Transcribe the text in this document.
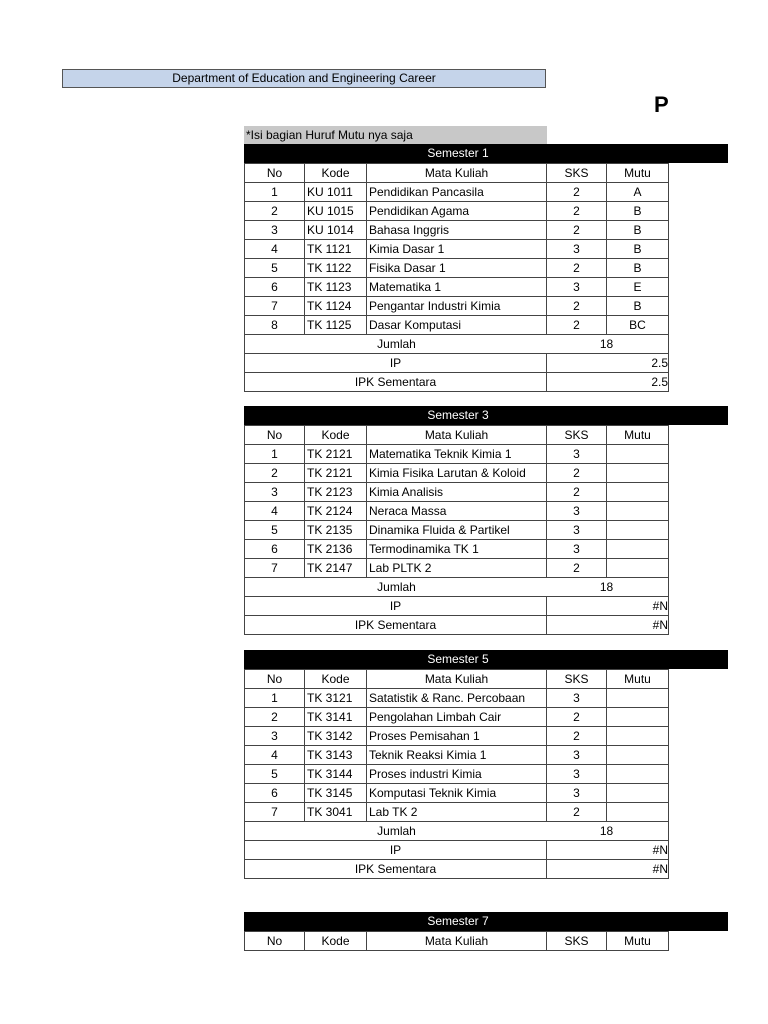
Department of Education and Engineering Career
P
*Isi bagian Huruf Mutu nya saja
Semester 1
No	Kode	Mata Kuliah	SKS	Mutu
1	KU 1011	Pendidikan Pancasila	2	A
2	KU 1015	Pendidikan Agama	2	B
3	KU 1014	Bahasa Inggris	2	B
4	TK 1121	Kimia Dasar 1	3	B
5	TK 1122	Fisika Dasar 1	2	B
6	TK 1123	Matematika 1	3	E
7	TK 1124	Pengantar Industri Kimia	2	B
8	TK 1125	Dasar Komputasi	2	BC
Jumlah 18				
IP			2.5	
IPK Sementara			2.5	
Semester 3
No	Kode	Mata Kuliah	SKS	Mutu
1	TK 2121	Matematika Teknik Kimia 1	3	
2	TK 2121	Kimia Fisika Larutan & Koloid	2	
3	TK 2123	Kimia Analisis	2	
4	TK 2124	Neraca Massa	3	
5	TK 2135	Dinamika Fluida & Partikel	3	
6	TK 2136	Termodinamika TK 1	3	
7	TK 2147	Lab PLTK 2	2	
Jumlah 18				
IP			#N	
IPK Sementara			#N	
Semester 5
No	Kode	Mata Kuliah	SKS	Mutu
1	TK 3121	Satatistik & Ranc. Percobaan	3	
2	TK 3141	Pengolahan Limbah Cair	2	
3	TK 3142	Proses Pemisahan 1	2	
4	TK 3143	Teknik Reaksi Kimia 1	3	
5	TK 3144	Proses industri Kimia	3	
6	TK 3145	Komputasi Teknik Kimia	3	
7	TK 3041	Lab TK 2	2	
Jumlah 18				
IP			#N	
IPK Sementara			#N	
Semester 7
No	Kode	Mata Kuliah	SKS	Mutu
